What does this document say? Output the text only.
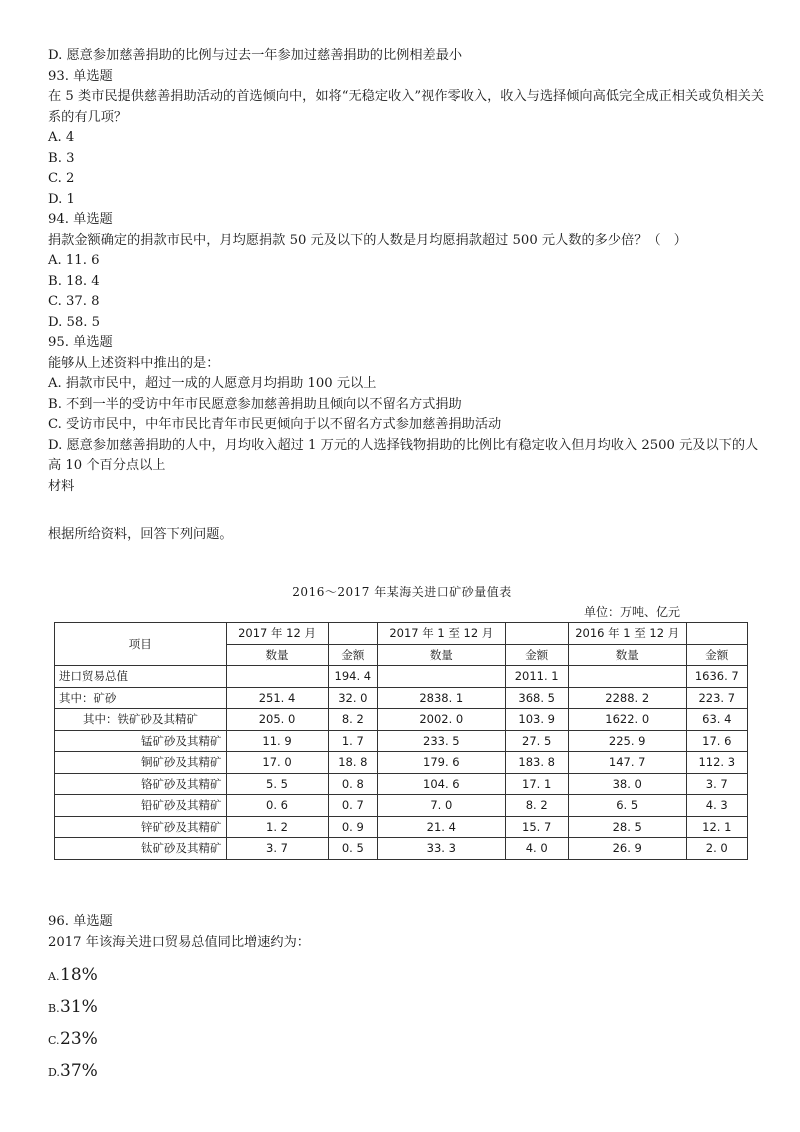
D. 愿意参加慈善捐助的比例与过去一年参加过慈善捐助的比例相差最小
93. 单选题
在 5 类市民提供慈善捐助活动的首选倾向中，如将“无稳定收入”视作零收入，收入与选择倾向高低完全成正相关或负相关关系的有几项？
A. 4
B. 3
C. 2
D. 1
94. 单选题
捐款金额确定的捐款市民中，月均愿捐款 50 元及以下的人数是月均愿捐款超过 500 元人数的多少倍？（　）
A. 11. 6
B. 18. 4
C. 37. 8
D. 58. 5
95. 单选题
能够从上述资料中推出的是：
A. 捐款市民中，超过一成的人愿意月均捐助 100 元以上
B. 不到一半的受访中年市民愿意参加慈善捐助且倾向以不留名方式捐助
C. 受访市民中，中年市民比青年市民更倾向于以不留名方式参加慈善捐助活动
D. 愿意参加慈善捐助的人中，月均收入超过 1 万元的人选择钱物捐助的比例比有稳定收入但月均收入 2500 元及以下的人高 10 个百分点以上
材料
根据所给资料，回答下列问题。
2016～2017 年某海关进口矿砂量值表
单位：万吨、亿元
项目	2017 年 12 月		2017 年 1 至 12 月		2016 年 1 至 12 月	
	数量	金额	数量	金额	数量	金额
进口贸易总值		194. 4		2011. 1		1636. 7
其中：矿砂	251. 4	32. 0	2838. 1	368. 5	2288. 2	223. 7
其中：铁矿砂及其精矿	205. 0	8. 2	2002. 0	103. 9	1622. 0	63. 4
锰矿砂及其精矿	11. 9	1. 7	233. 5	27. 5	225. 9	17. 6
铜矿砂及其精矿	17. 0	18. 8	179. 6	183. 8	147. 7	112. 3
铬矿砂及其精矿	5. 5	0. 8	104. 6	17. 1	38. 0	3. 7
铅矿砂及其精矿	0. 6	0. 7	7. 0	8. 2	6. 5	4. 3
锌矿砂及其精矿	1. 2	0. 9	21. 4	15. 7	28. 5	12. 1
钛矿砂及其精矿	3. 7	0. 5	33. 3	4. 0	26. 9	2. 0
96. 单选题
2017 年该海关进口贸易总值同比增速约为：
A. 18%
B. 31%
C. 23%
D. 37%
